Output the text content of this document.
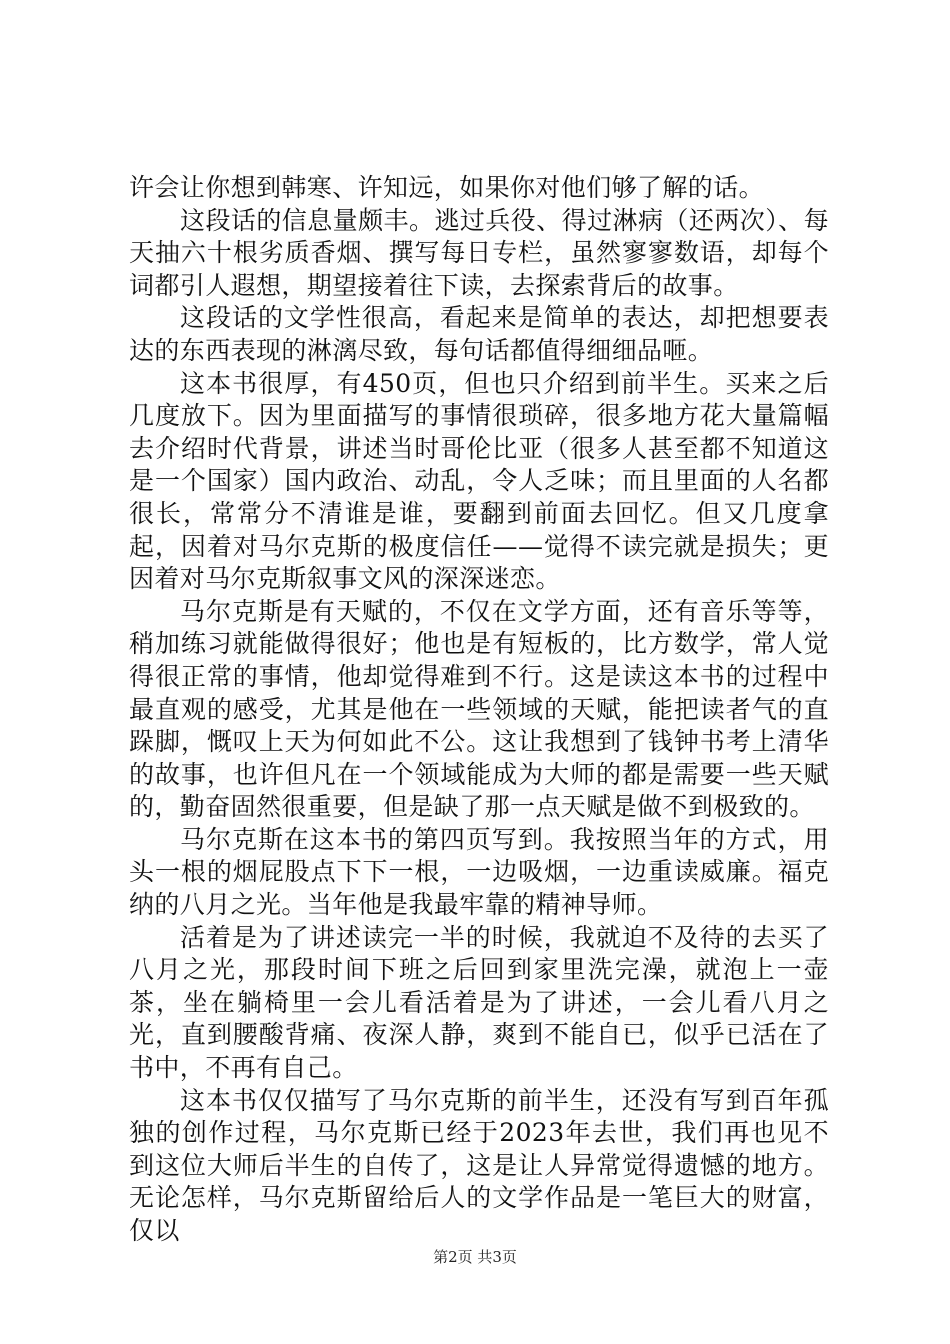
许会让你想到韩寒、许知远，如果你对他们够了解的话。

这段话的信息量颇丰。逃过兵役、得过淋病（还两次）、每天抽六十根劣质香烟、撰写每日专栏，虽然寥寥数语，却每个词都引人遐想，期望接着往下读，去探索背后的故事。

这段话的文学性很高，看起来是简单的表达，却把想要表达的东西表现的淋漓尽致，每句话都值得细细品咂。

这本书很厚，有450页，但也只介绍到前半生。买来之后几度放下。因为里面描写的事情很琐碎，很多地方花大量篇幅去介绍时代背景，讲述当时哥伦比亚（很多人甚至都不知道这是一个国家）国内政治、动乱，令人乏味；而且里面的人名都很长，常常分不清谁是谁，要翻到前面去回忆。但又几度拿起，因着对马尔克斯的极度信任——觉得不读完就是损失；更因着对马尔克斯叙事文风的深深迷恋。

马尔克斯是有天赋的，不仅在文学方面，还有音乐等等，稍加练习就能做得很好；他也是有短板的，比方数学，常人觉得很正常的事情，他却觉得难到不行。这是读这本书的过程中最直观的感受，尤其是他在一些领域的天赋，能把读者气的直跺脚，慨叹上天为何如此不公。这让我想到了钱钟书考上清华的故事，也许但凡在一个领域能成为大师的都是需要一些天赋的，勤奋固然很重要，但是缺了那一点天赋是做不到极致的。

马尔克斯在这本书的第四页写到。我按照当年的方式，用头一根的烟屁股点下下一根，一边吸烟，一边重读威廉。福克纳的八月之光。当年他是我最牢靠的精神导师。

活着是为了讲述读完一半的时候，我就迫不及待的去买了八月之光，那段时间下班之后回到家里洗完澡，就泡上一壶茶，坐在躺椅里一会儿看活着是为了讲述，一会儿看八月之光，直到腰酸背痛、夜深人静，爽到不能自已，似乎已活在了书中，不再有自己。

这本书仅仅描写了马尔克斯的前半生，还没有写到百年孤独的创作过程，马尔克斯已经于2023年去世，我们再也见不到这位大师后半生的自传了，这是让人异常觉得遗憾的地方。无论怎样，马尔克斯留给后人的文学作品是一笔巨大的财富，仅以

第2页 共3页
